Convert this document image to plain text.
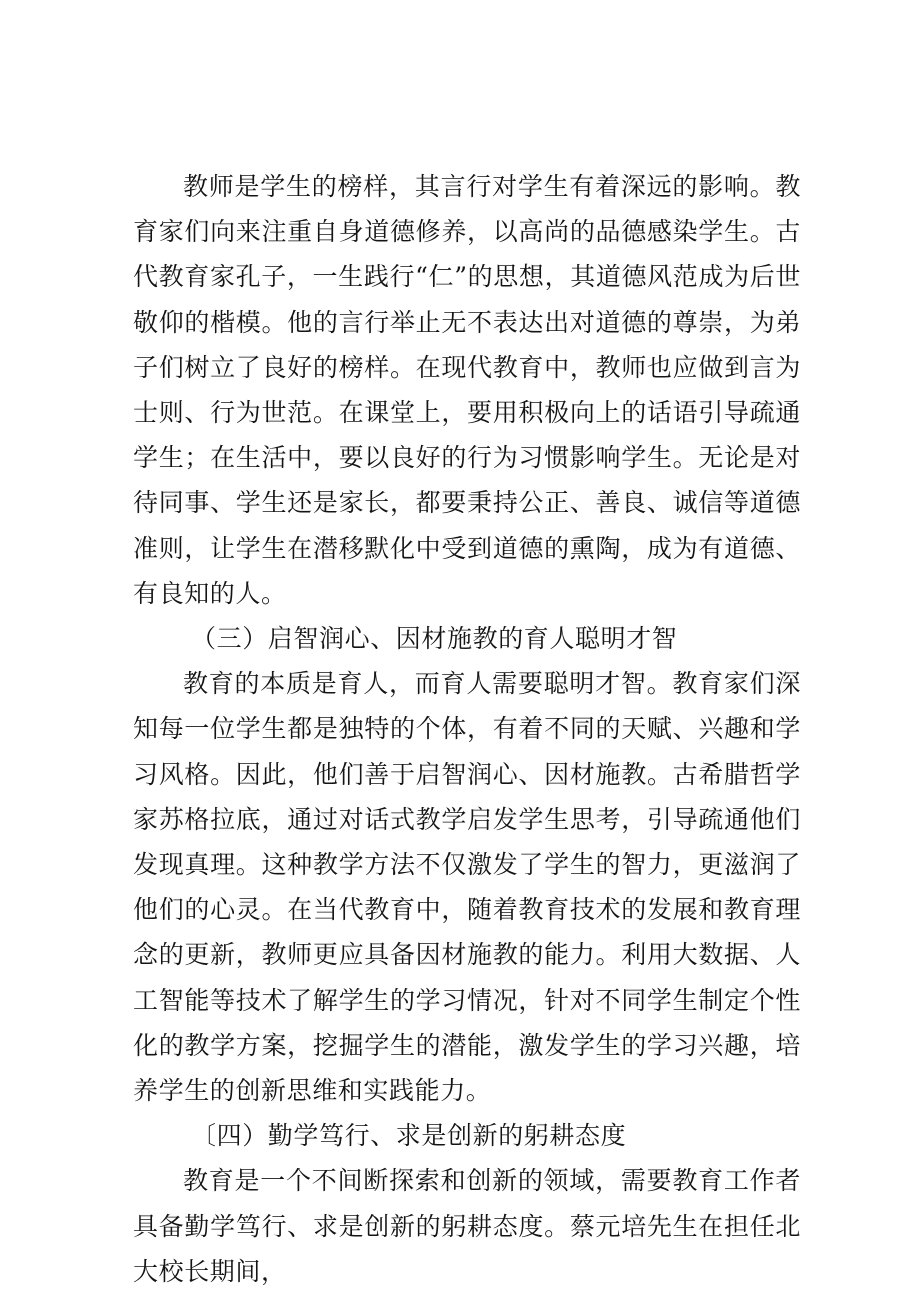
教师是学生的榜样，其言行对学生有着深远的影响。教育家们向来注重自身道德修养，以高尚的品德感染学生。古代教育家孔子，一生践行“仁”的思想，其道德风范成为后世敬仰的楷模。他的言行举止无不表达出对道德的尊崇，为弟子们树立了良好的榜样。在现代教育中，教师也应做到言为士则、行为世范。在课堂上，要用积极向上的话语引导疏通学生；在生活中，要以良好的行为习惯影响学生。无论是对待同事、学生还是家长，都要秉持公正、善良、诚信等道德准则，让学生在潜移默化中受到道德的熏陶，成为有道德、有良知的人。

（三）启智润心、因材施教的育人聪明才智

教育的本质是育人，而育人需要聪明才智。教育家们深知每一位学生都是独特的个体，有着不同的天赋、兴趣和学习风格。因此，他们善于启智润心、因材施教。古希腊哲学家苏格拉底，通过对话式教学启发学生思考，引导疏通他们发现真理。这种教学方法不仅激发了学生的智力，更滋润了他们的心灵。在当代教育中，随着教育技术的发展和教育理念的更新，教师更应具备因材施教的能力。利用大数据、人工智能等技术了解学生的学习情况，针对不同学生制定个性化的教学方案，挖掘学生的潜能，激发学生的学习兴趣，培养学生的创新思维和实践能力。

〔四）勤学笃行、求是创新的躬耕态度

教育是一个不间断探索和创新的领域，需要教育工作者具备勤学笃行、求是创新的躬耕态度。蔡元培先生在担任北大校长期间，
